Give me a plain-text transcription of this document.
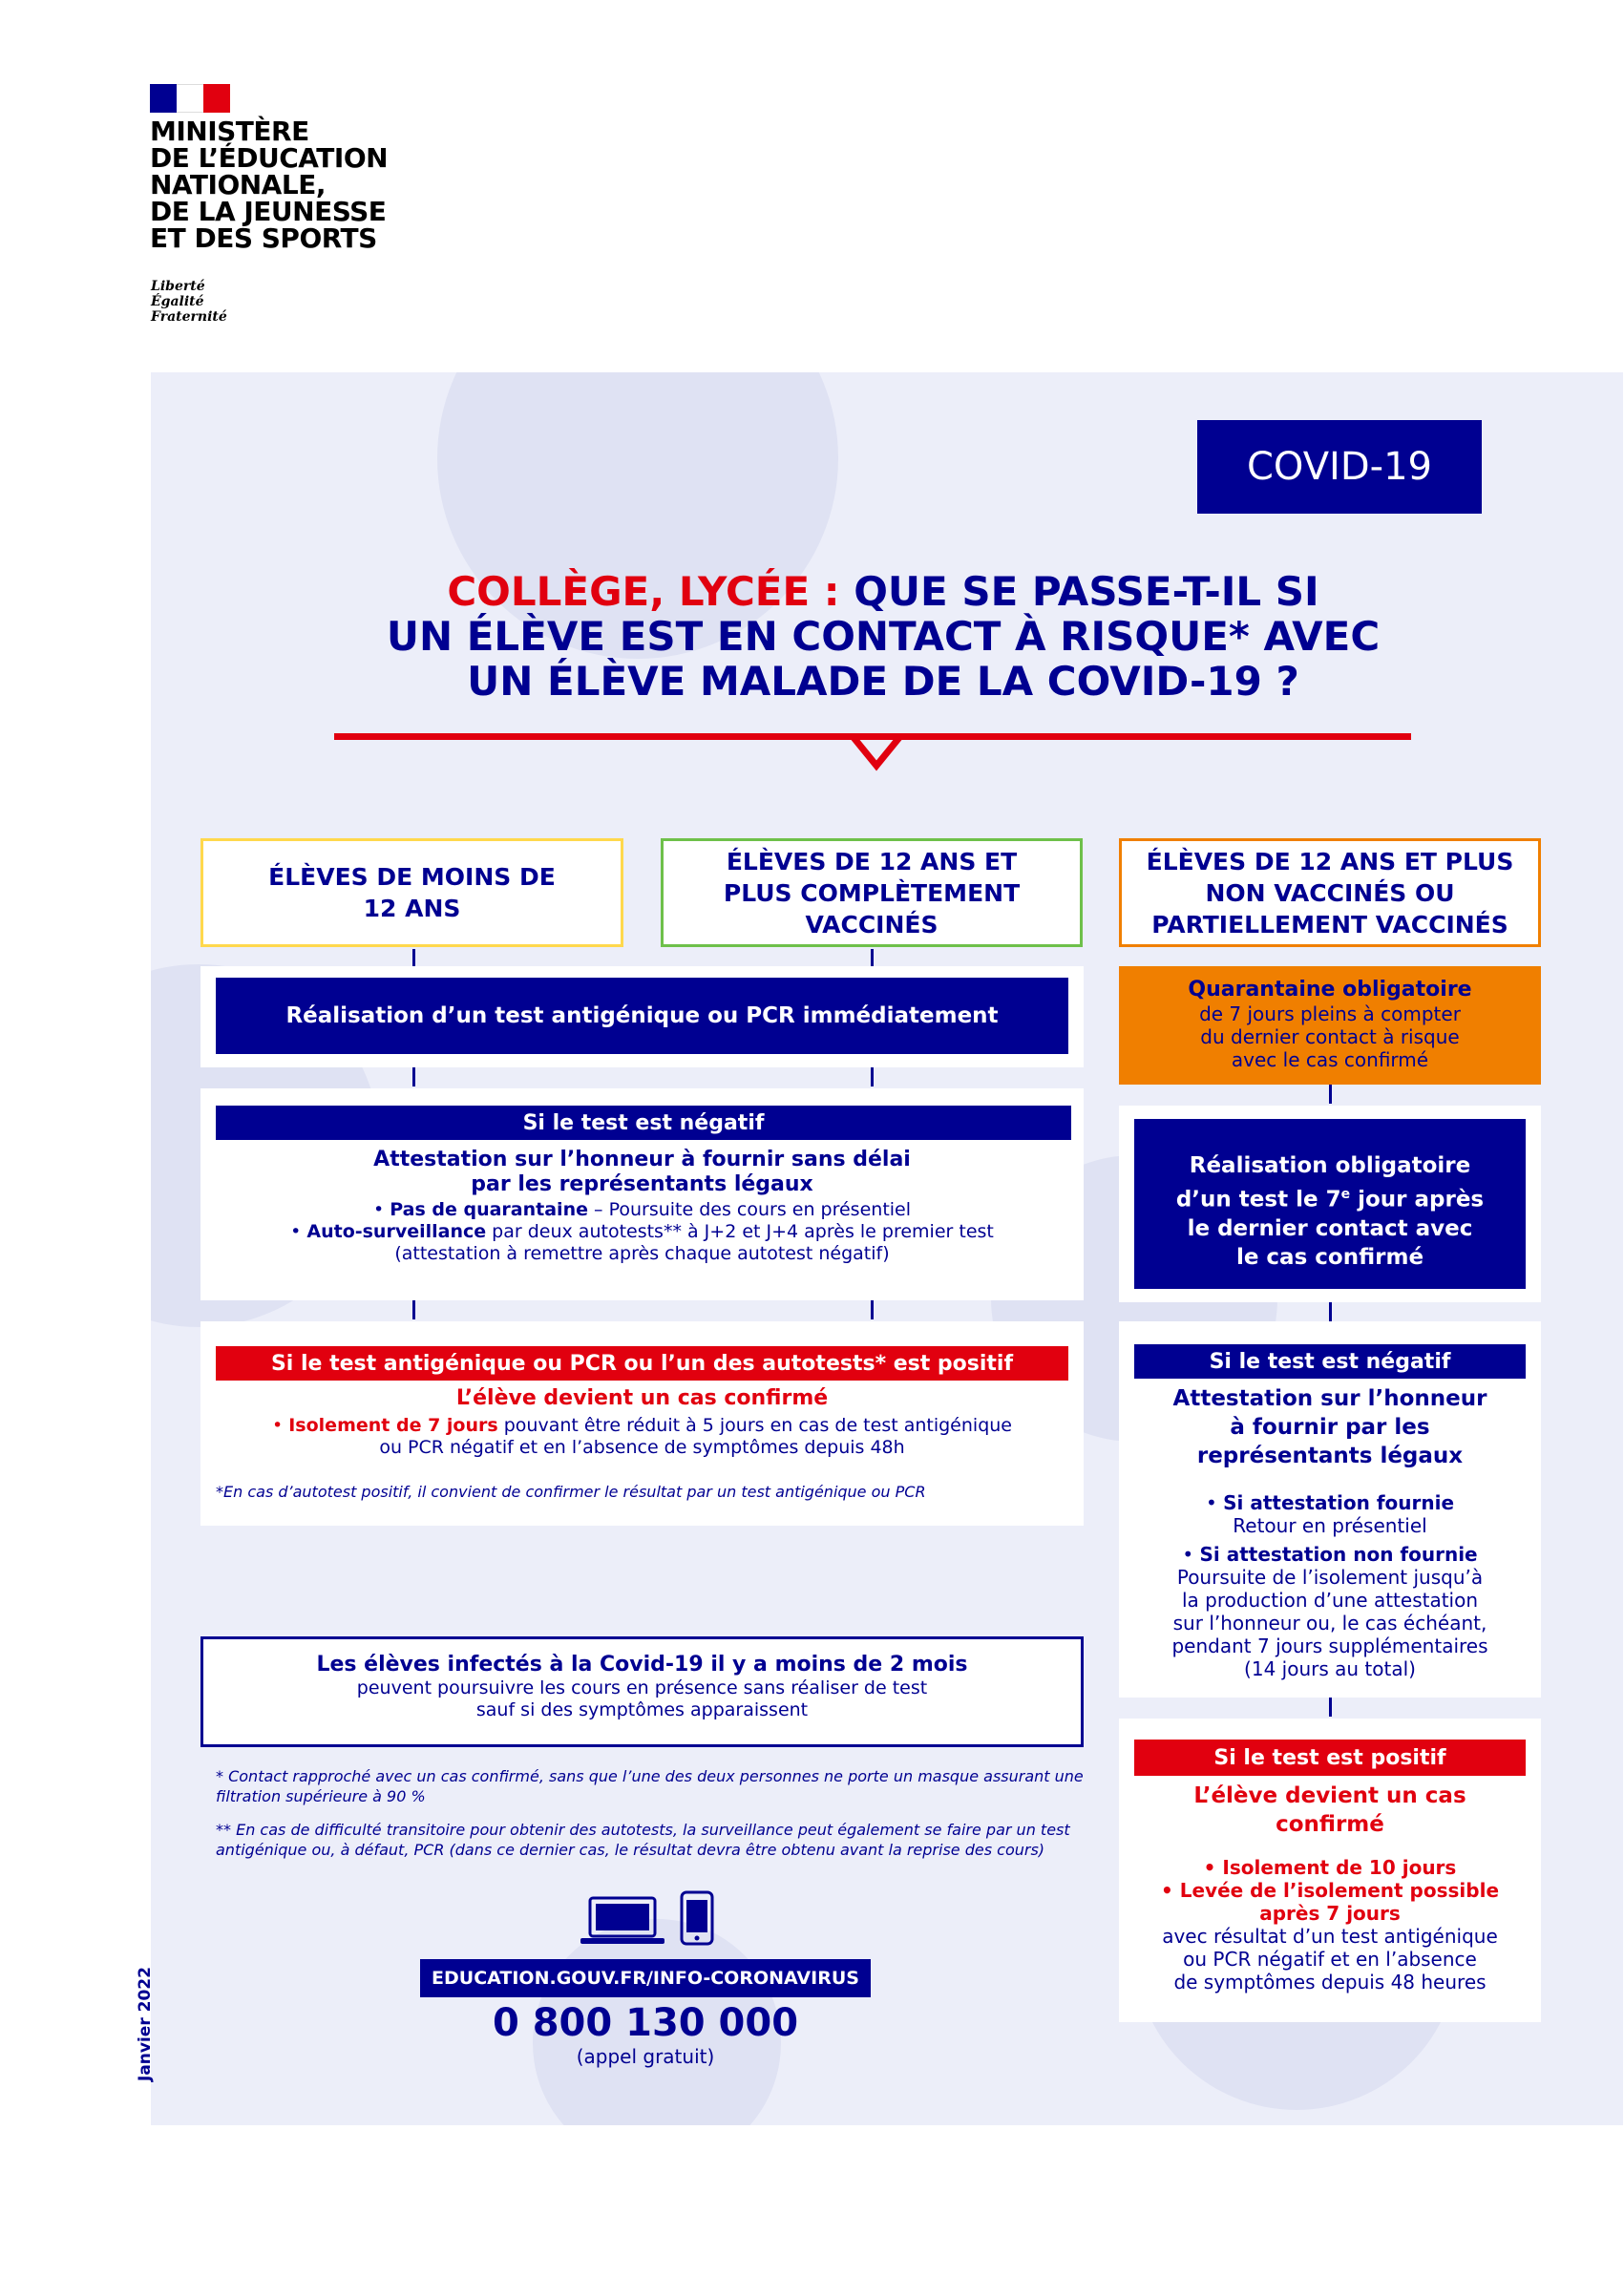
MINISTÈRE
DE L’ÉDUCATION
NATIONALE,
DE LA JEUNESSE
ET DES SPORTS
Liberté
Égalité
Fraternité
COVID-19
COLLÈGE, LYCÉE : QUE SE PASSE-T-IL SI
UN ÉLÈVE EST EN CONTACT À RISQUE* AVEC
UN ÉLÈVE MALADE DE LA COVID-19 ?
ÉLÈVES DE MOINS DE 12 ANS
ÉLÈVES DE 12 ANS ET PLUS COMPLÈTEMENT VACCINÉS
ÉLÈVES DE 12 ANS ET PLUS NON VACCINÉS OU PARTIELLEMENT VACCINÉS
Réalisation d’un test antigénique ou PCR immédiatement
Si le test est négatif
Attestation sur l’honneur à fournir sans délai
par les représentants légaux
• Pas de quarantaine – Poursuite des cours en présentiel
• Auto-surveillance par deux autotests** à J+2 et J+4 après le premier test
(attestation à remettre après chaque autotest négatif)
Si le test antigénique ou PCR ou l’un des autotests* est positif
L’élève devient un cas confirmé
• Isolement de 7 jours pouvant être réduit à 5 jours en cas de test antigénique
ou PCR négatif et en l’absence de symptômes depuis 48h
*En cas d’autotest positif, il convient de confirmer le résultat par un test antigénique ou PCR
Les élèves infectés à la Covid-19 il y a moins de 2 mois
peuvent poursuivre les cours en présence sans réaliser de test
sauf si des symptômes apparaissent
* Contact rapproché avec un cas confirmé, sans que l’une des deux personnes ne porte un masque assurant une filtration supérieure à 90 %
** En cas de difficulté transitoire pour obtenir des autotests, la surveillance peut également se faire par un test antigénique ou, à défaut, PCR (dans ce dernier cas, le résultat devra être obtenu avant la reprise des cours)
EDUCATION.GOUV.FR/INFO-CORONAVIRUS
0 800 130 000
(appel gratuit)
Janvier 2022
Quarantaine obligatoire
de 7 jours pleins à compter
du dernier contact à risque
avec le cas confirmé
Réalisation obligatoire
d’un test le 7e jour après
le dernier contact avec
le cas confirmé
Si le test est négatif
Attestation sur l’honneur
à fournir par les
représentants légaux
• Si attestation fournie
Retour en présentiel
• Si attestation non fournie
Poursuite de l’isolement jusqu’à
la production d’une attestation
sur l’honneur ou, le cas échéant,
pendant 7 jours supplémentaires
(14 jours au total)
Si le test est positif
L’élève devient un cas
confirmé
• Isolement de 10 jours
• Levée de l’isolement possible
après 7 jours
avec résultat d’un test antigénique
ou PCR négatif et en l’absence
de symptômes depuis 48 heures
